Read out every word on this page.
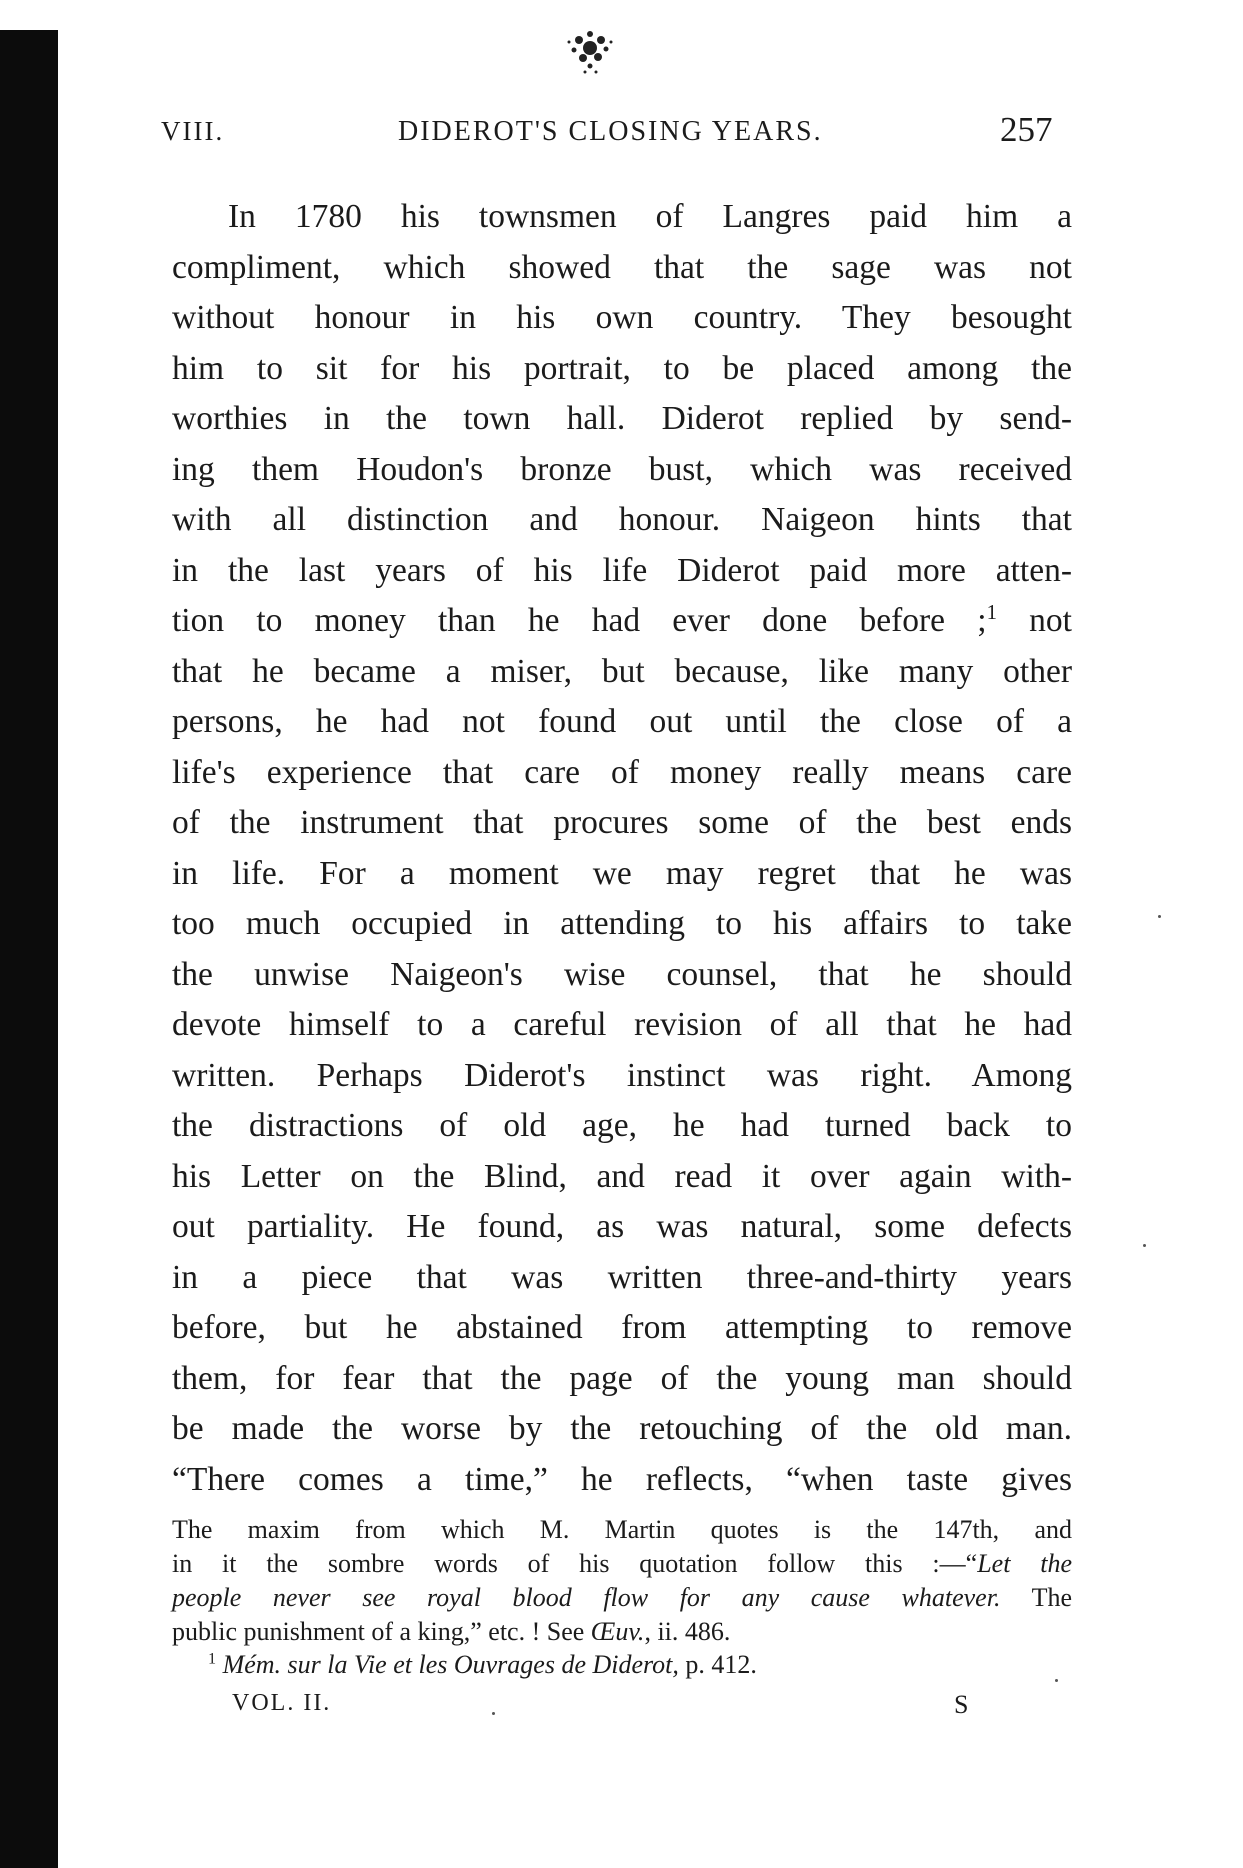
VIII.	DIDEROT'S CLOSING YEARS.	257
In 1780 his townsmen of Langres paid him a
compliment, which showed that the sage was not
without honour in his own country. They besought
him to sit for his portrait, to be placed among the
worthies in the town hall. Diderot replied by send-
ing them Houdon's bronze bust, which was received
with all distinction and honour. Naigeon hints that
in the last years of his life Diderot paid more atten-
tion to money than he had ever done before ;$^1$ not
that he became a miser, but because, like many other
persons, he had not found out until the close of a
life's experience that care of money really means care
of the instrument that procures some of the best ends
in life. For a moment we may regret that he was
too much occupied in attending to his affairs to take
the unwise Naigeon's wise counsel, that he should
devote himself to a careful revision of all that he had
written. Perhaps Diderot's instinct was right. Among
the distractions of old age, he had turned back to
his Letter on the Blind, and read it over again with-
out partiality. He found, as was natural, some defects
in a piece that was written three-and-thirty years
before, but he abstained from attempting to remove
them, for fear that the page of the young man should
be made the worse by the retouching of the old man.
“There comes a time,” he reflects, “when taste gives
The maxim from which M. Martin quotes is the 147th, and
in it the sombre words of his quotation follow this :—“Let the
people never see royal blood flow for any cause whatever. The
public punishment of a king,” etc. ! See Œuv., ii. 486.
$^1$ Mém. sur la Vie et les Ouvrages de Diderot, p. 412.
VOL. II.	S
